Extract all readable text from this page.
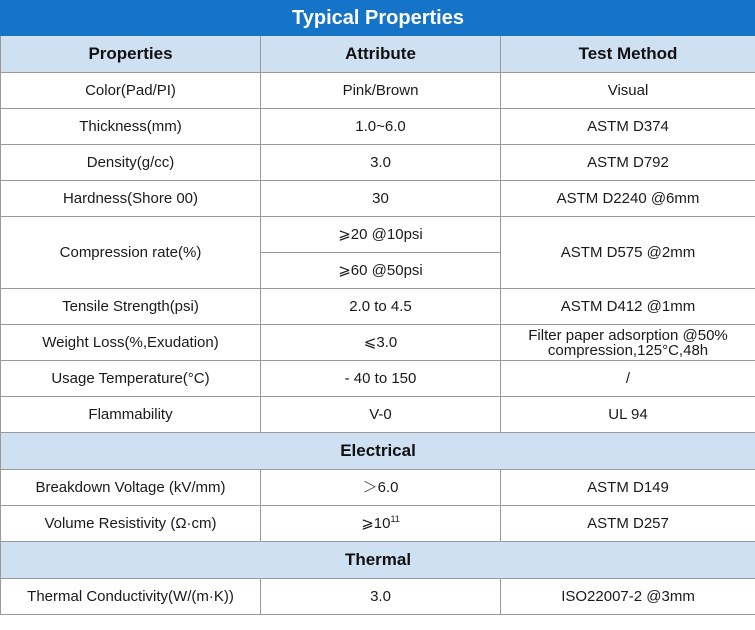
Typical Properties		
Properties	Attribute	Test Method
Color(Pad/PI)	Pink/Brown	Visual
Thickness(mm)	1.0~6.0	ASTM D374
Density(g/cc)	3.0	ASTM D792
Hardness(Shore 00)	30	ASTM D2240 @6mm
Compression rate(%)	⩾20 @10psi	ASTM D575 @2mm
	⩾60 @50psi	
Tensile Strength(psi)	2.0 to 4.5	ASTM D412 @1mm
Weight Loss(%,Exudation)	⩽3.0	Filter paper adsorption @50% compression,125°C,48h
Usage Temperature(°C)	- 40 to 150	/
Flammability	V-0	UL 94
Electrical		
Breakdown Voltage (kV/mm)	＞6.0	ASTM D149
Volume Resistivity (Ω·cm)	$⩾10^{11}$	ASTM D257
Thermal		
Thermal Conductivity(W/(m·K))	3.0	ISO22007-2 @3mm
